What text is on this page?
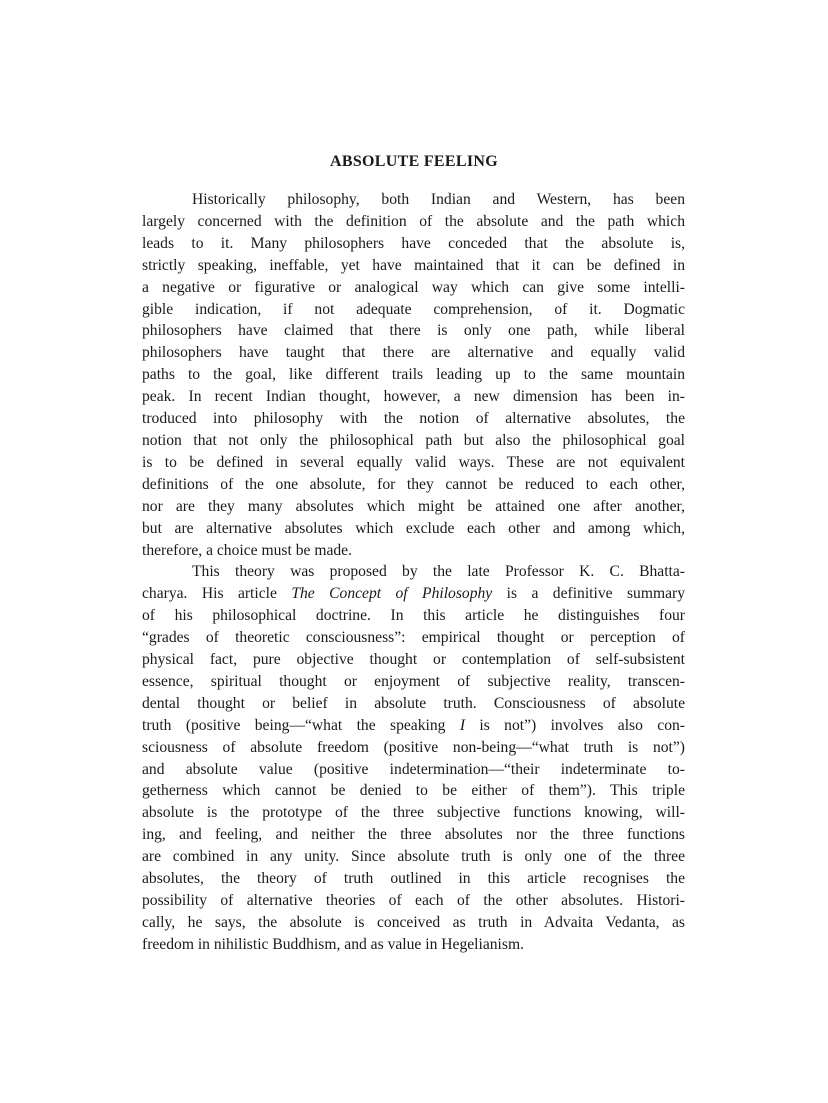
ABSOLUTE FEELING
Historically philosophy, both Indian and Western, has been
largely concerned with the definition of the absolute and the path which
leads to it. Many philosophers have conceded that the absolute is,
strictly speaking, ineffable, yet have maintained that it can be defined in
a negative or figurative or analogical way which can give some intelli-
gible indication, if not adequate comprehension, of it. Dogmatic
philosophers have claimed that there is only one path, while liberal
philosophers have taught that there are alternative and equally valid
paths to the goal, like different trails leading up to the same mountain
peak. In recent Indian thought, however, a new dimension has been in-
troduced into philosophy with the notion of alternative absolutes, the
notion that not only the philosophical path but also the philosophical goal
is to be defined in several equally valid ways. These are not equivalent
definitions of the one absolute, for they cannot be reduced to each other,
nor are they many absolutes which might be attained one after another,
but are alternative absolutes which exclude each other and among which,
therefore, a choice must be made.
This theory was proposed by the late Professor K. C. Bhatta-
charya. His article The Concept of Philosophy is a definitive summary
of his philosophical doctrine. In this article he distinguishes four
“grades of theoretic consciousness”: empirical thought or perception of
physical fact, pure objective thought or contemplation of self-subsistent
essence, spiritual thought or enjoyment of subjective reality, transcen-
dental thought or belief in absolute truth. Consciousness of absolute
truth (positive being—“what the speaking I is not”) involves also con-
sciousness of absolute freedom (positive non-being—“what truth is not”)
and absolute value (positive indetermination—“their indeterminate to-
getherness which cannot be denied to be either of them”). This triple
absolute is the prototype of the three subjective functions knowing, will-
ing, and feeling, and neither the three absolutes nor the three functions
are combined in any unity. Since absolute truth is only one of the three
absolutes, the theory of truth outlined in this article recognises the
possibility of alternative theories of each of the other absolutes. Histori-
cally, he says, the absolute is conceived as truth in Advaita Vedanta, as
freedom in nihilistic Buddhism, and as value in Hegelianism.
